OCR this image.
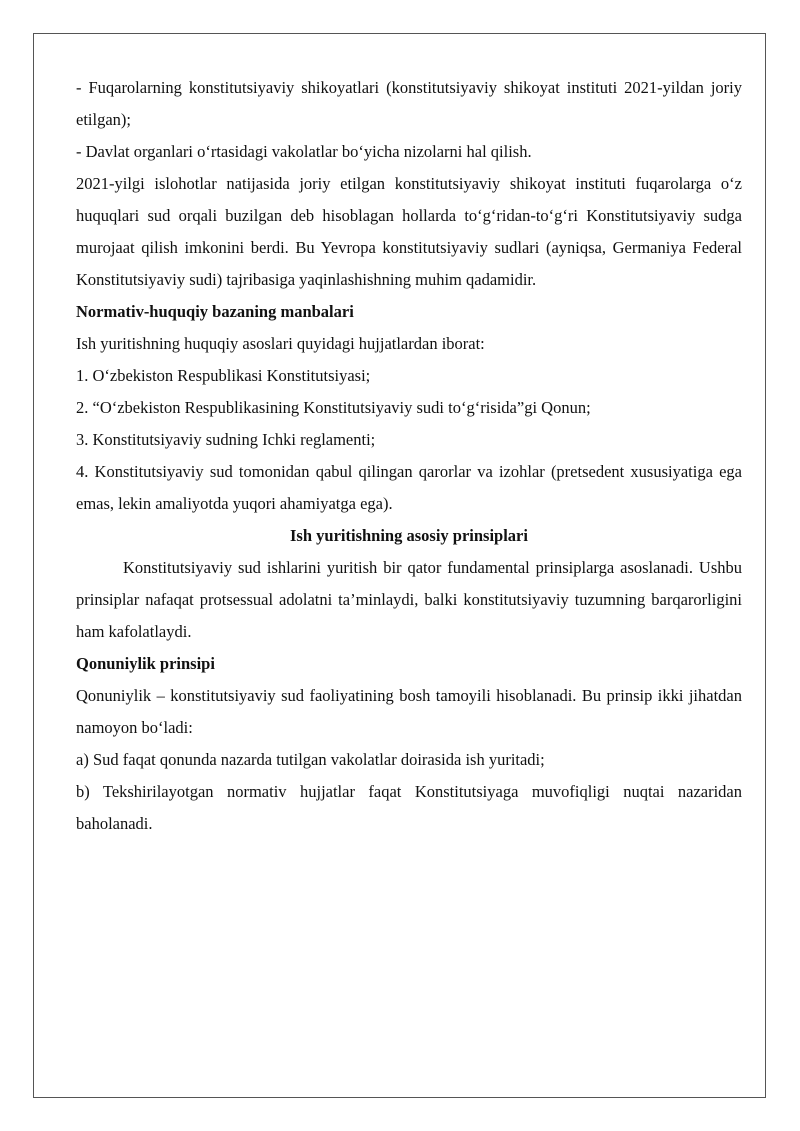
- Fuqarolarning konstitutsiyaviy shikoyatlari (konstitutsiyaviy shikoyat instituti 2021-yildan joriy etilgan);

- Davlat organlari o‘rtasidagi vakolatlar bo‘yicha nizolarni hal qilish.

2021-yilgi islohotlar natijasida joriy etilgan konstitutsiyaviy shikoyat instituti fuqarolarga o‘z huquqlari sud orqali buzilgan deb hisoblagan hollarda to‘g‘ridan-to‘g‘ri Konstitutsiyaviy sudga murojaat qilish imkonini berdi. Bu Yevropa konstitutsiyaviy sudlari (ayniqsa, Germaniya Federal Konstitutsiyaviy sudi) tajribasiga yaqinlashishning muhim qadamidir.

Normativ-huquqiy bazaning manbalari

Ish yuritishning huquqiy asoslari quyidagi hujjatlardan iborat:

1. O‘zbekiston Respublikasi Konstitutsiyasi;

2. “O‘zbekiston Respublikasining Konstitutsiyaviy sudi to‘g‘risida”gi Qonun;

3. Konstitutsiyaviy sudning Ichki reglamenti;

4. Konstitutsiyaviy sud tomonidan qabul qilingan qarorlar va izohlar (pretsedent xususiyatiga ega emas, lekin amaliyotda yuqori ahamiyatga ega).

Ish yuritishning asosiy prinsiplari

Konstitutsiyaviy sud ishlarini yuritish bir qator fundamental prinsiplarga asoslanadi. Ushbu prinsiplar nafaqat protsessual adolatni ta’minlaydi, balki konstitutsiyaviy tuzumning barqarorligini ham kafolatlaydi.

Qonuniylik prinsipi

Qonuniylik – konstitutsiyaviy sud faoliyatining bosh tamoyili hisoblanadi. Bu prinsip ikki jihatdan namoyon bo‘ladi:

a) Sud faqat qonunda nazarda tutilgan vakolatlar doirasida ish yuritadi;

b) Tekshirilayotgan normativ hujjatlar faqat Konstitutsiyaga muvofiqligi nuqtai nazaridan baholanadi.
